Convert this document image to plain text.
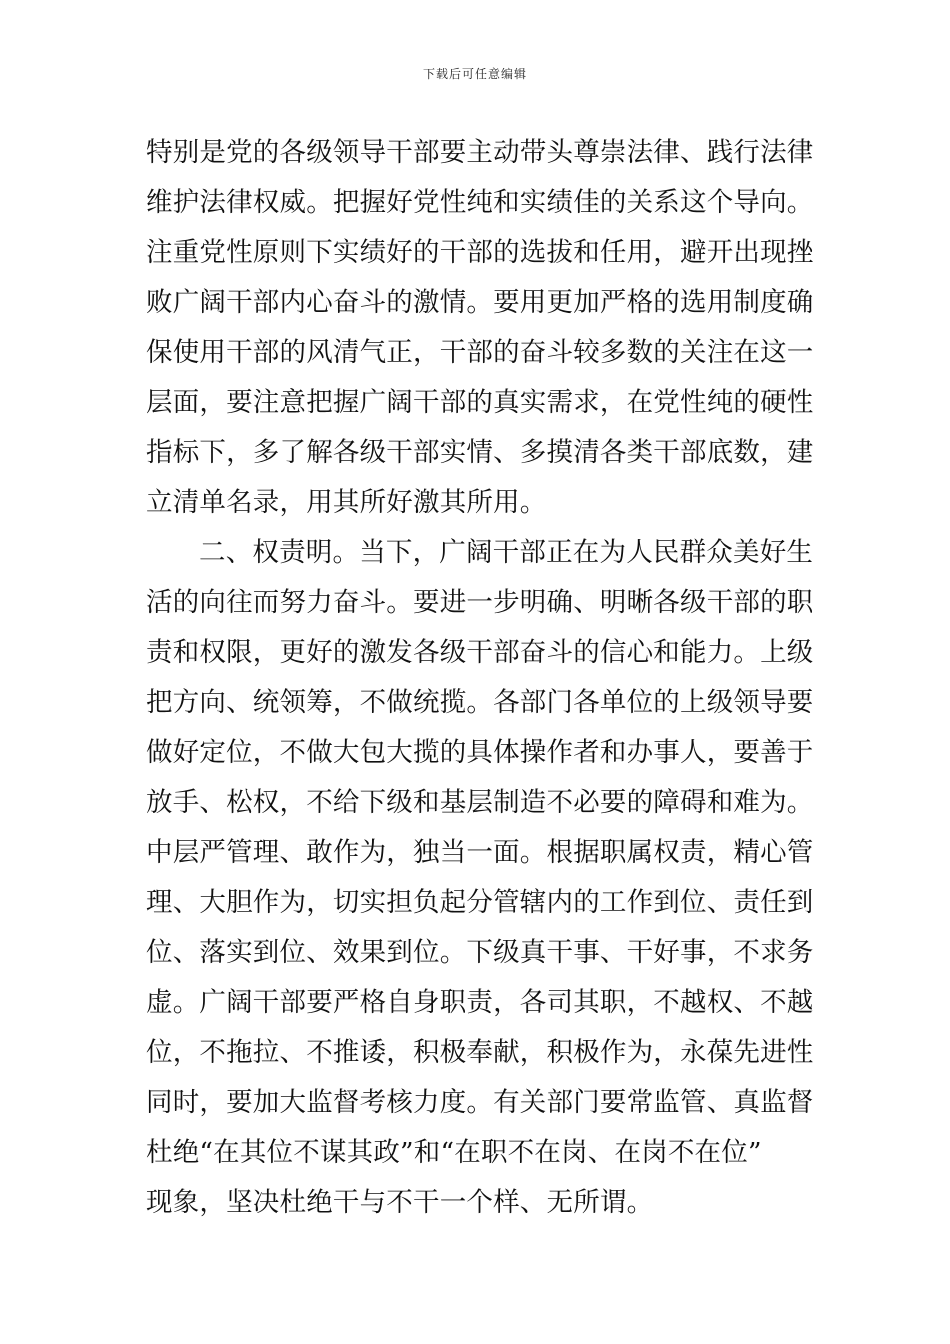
下载后可任意编辑
特别是党的各级领导干部要主动带头尊崇法律、践行法律
维护法律权威。把握好党性纯和实绩佳的关系这个导向。
注重党性原则下实绩好的干部的选拔和任用，避开出现挫
败广阔干部内心奋斗的激情。要用更加严格的选用制度确
保使用干部的风清气正，干部的奋斗较多数的关注在这一
层面，要注意把握广阔干部的真实需求，在党性纯的硬性
指标下，多了解各级干部实情、多摸清各类干部底数，建
立清单名录，用其所好激其所用。
二、权责明。当下，广阔干部正在为人民群众美好生
活的向往而努力奋斗。要进一步明确、明晰各级干部的职
责和权限，更好的激发各级干部奋斗的信心和能力。上级
把方向、统领筹，不做统揽。各部门各单位的上级领导要
做好定位，不做大包大揽的具体操作者和办事人，要善于
放手、松权，不给下级和基层制造不必要的障碍和难为。
中层严管理、敢作为，独当一面。根据职属权责，精心管
理、大胆作为，切实担负起分管辖内的工作到位、责任到
位、落实到位、效果到位。下级真干事、干好事，不求务
虚。广阔干部要严格自身职责，各司其职，不越权、不越
位，不拖拉、不推诿，积极奉献，积极作为，永葆先进性
同时，要加大监督考核力度。有关部门要常监管、真监督
杜绝“在其位不谋其政”和“在职不在岗、在岗不在位”
现象，坚决杜绝干与不干一个样、无所谓。
